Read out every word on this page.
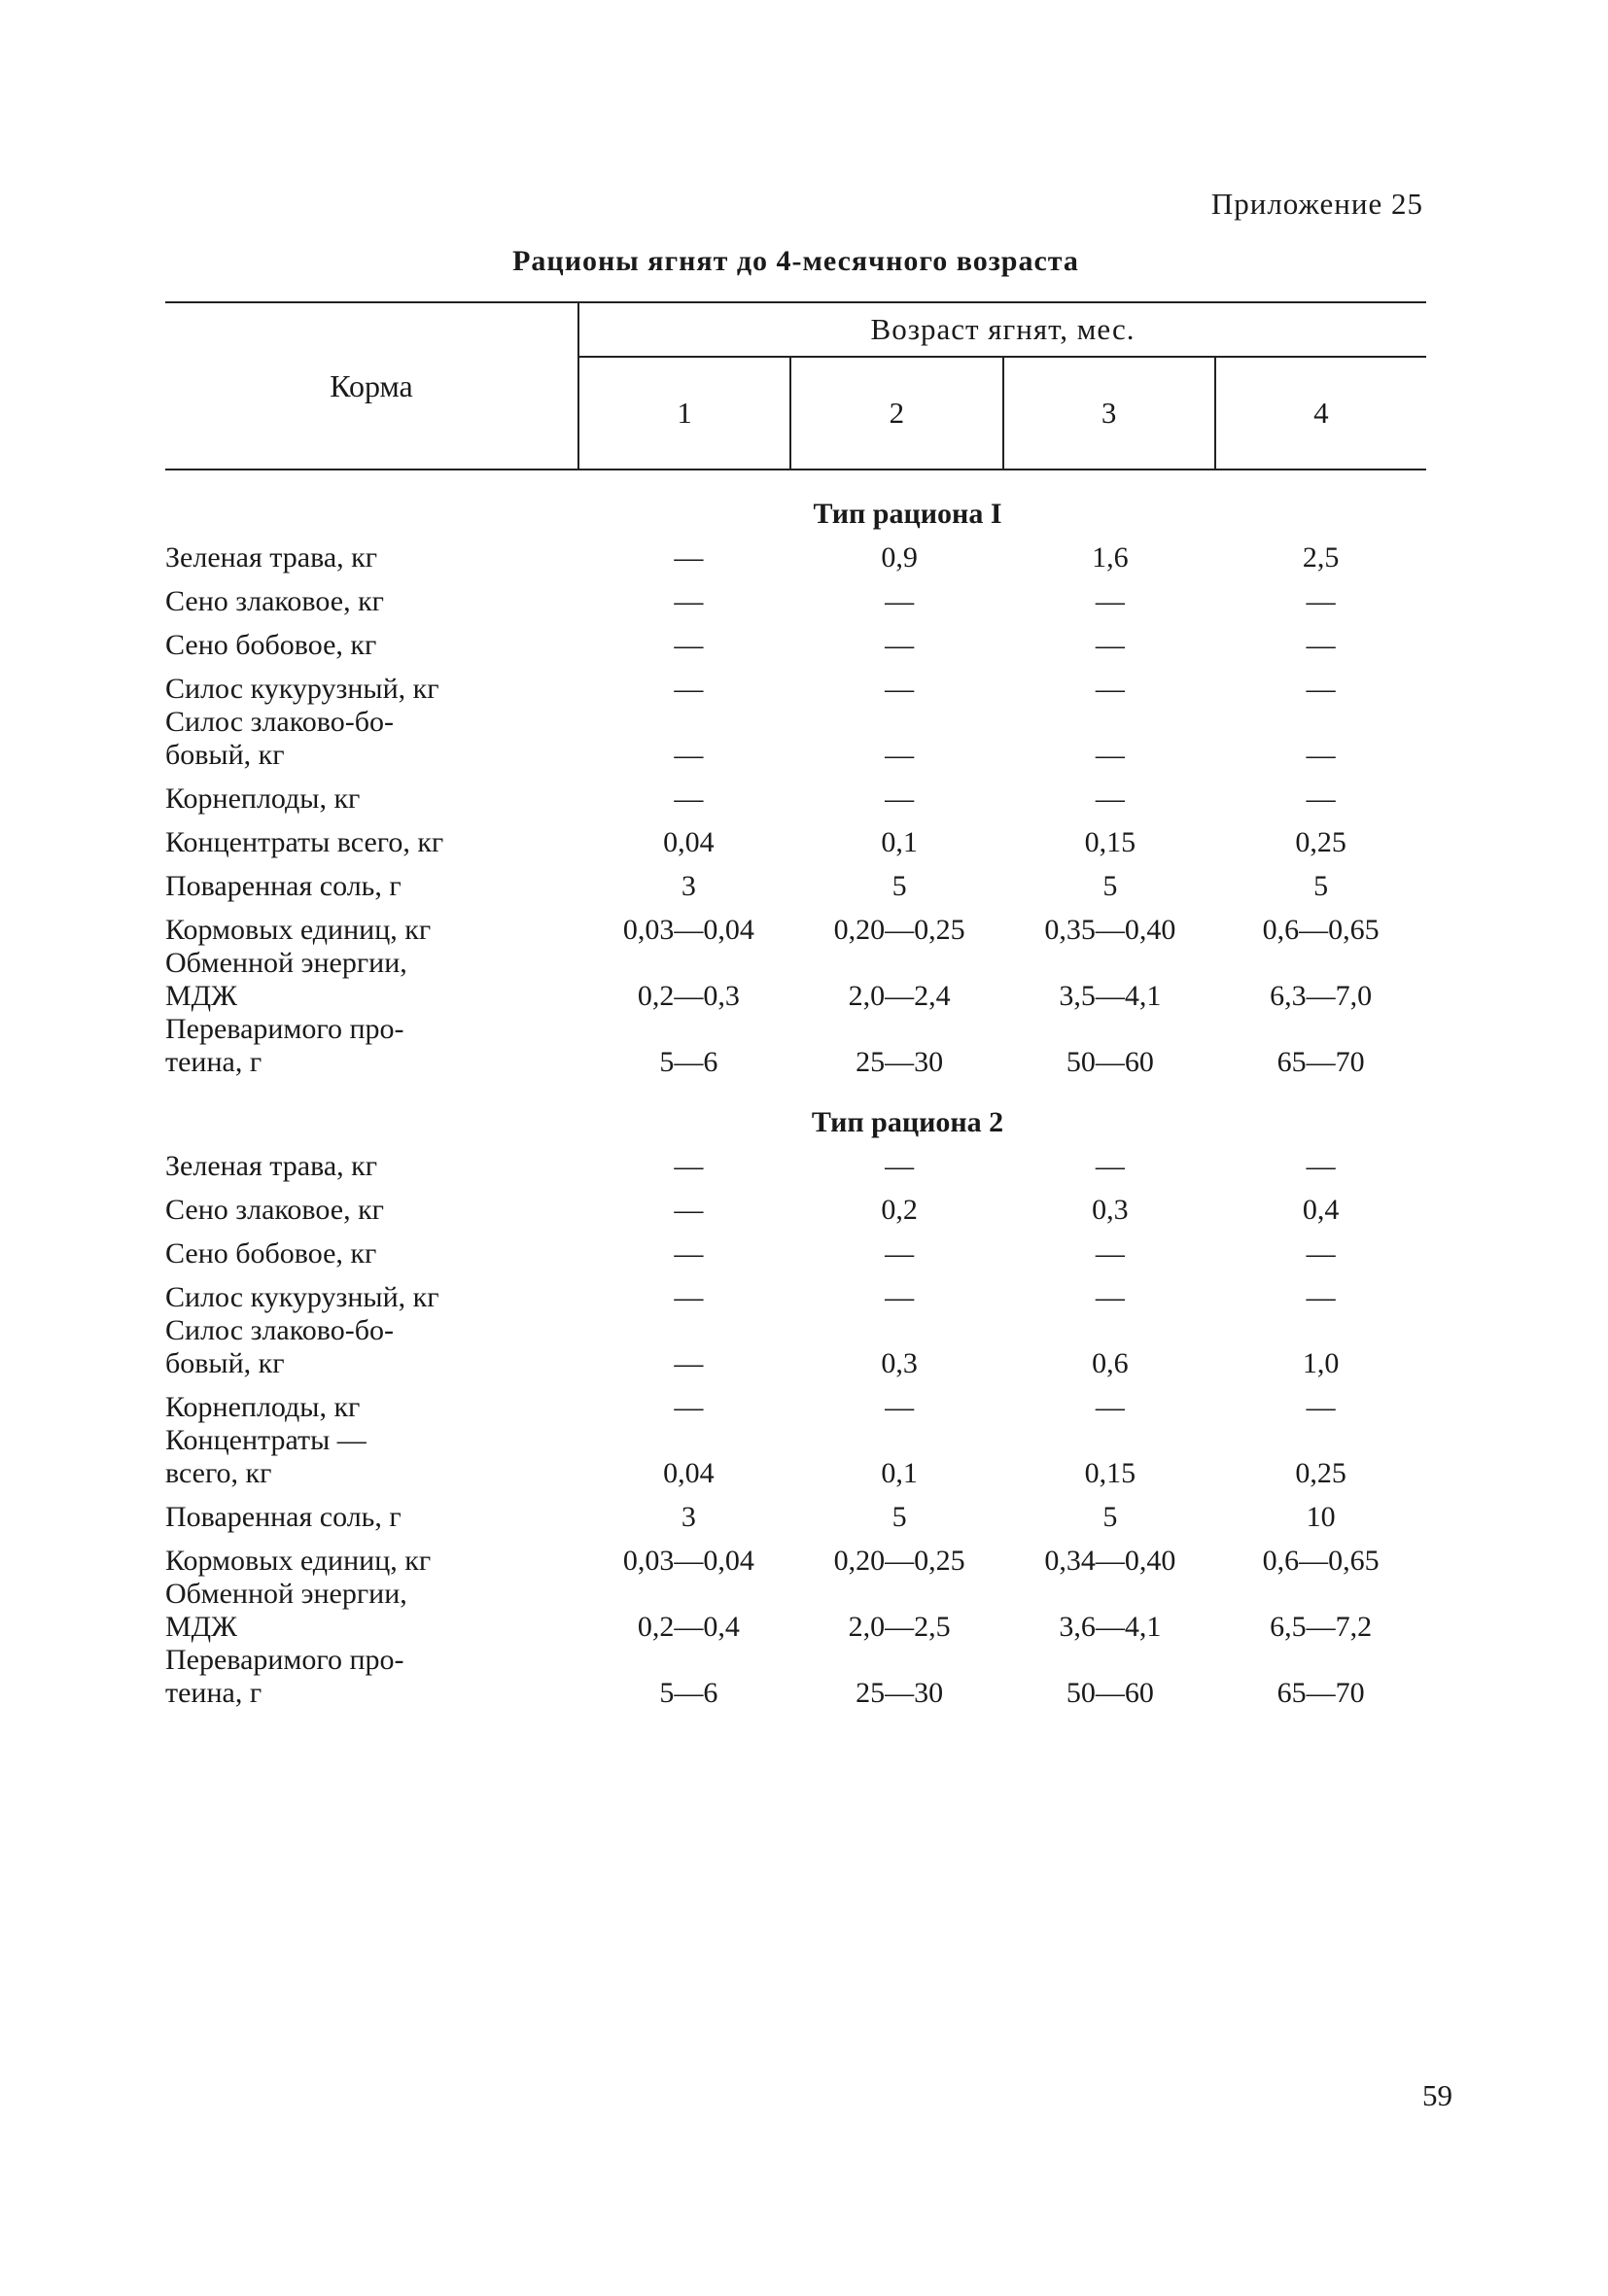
Приложение 25
Рационы ягнят до 4-месячного возраста
Корма
Возраст ягнят, мес.
1	2	3	4
Тип рациона I
Зеленая трава, кг	—	0,9	1,6	2,5
Сено злаковое, кг	—	—	—	—
Сено бобовое, кг	—	—	—	—
Силос кукурузный, кг	—	—	—	—
Силос злаково-бо-
бовый, кг	—	—	—	—
Корнеплоды, кг	—	—	—	—
Концентраты всего, кг	0,04	0,1	0,15	0,25
Поваренная соль, г	3	5	5	5
Кормовых единиц, кг	0,03—0,04	0,20—0,25	0,35—0,40	0,6—0,65
Обменной энергии,
МДЖ	0,2—0,3	2,0—2,4	3,5—4,1	6,3—7,0
Переваримого про-
теина, г	5—6	25—30	50—60	65—70
Тип рациона 2
Зеленая трава, кг	—	—	—	—
Сено злаковое, кг	—	0,2	0,3	0,4
Сено бобовое, кг	—	—	—	—
Силос кукурузный, кг	—	—	—	—
Силос злаково-бо-
бовый, кг	—	0,3	0,6	1,0
Корнеплоды, кг	—	—	—	—
Концентраты —
всего, кг	0,04	0,1	0,15	0,25
Поваренная соль, г	3	5	5	10
Кормовых единиц, кг	0,03—0,04	0,20—0,25	0,34—0,40	0,6—0,65
Обменной энергии,
МДЖ	0,2—0,4	2,0—2,5	3,6—4,1	6,5—7,2
Переваримого про-
теина, г	5—6	25—30	50—60	65—70
59
